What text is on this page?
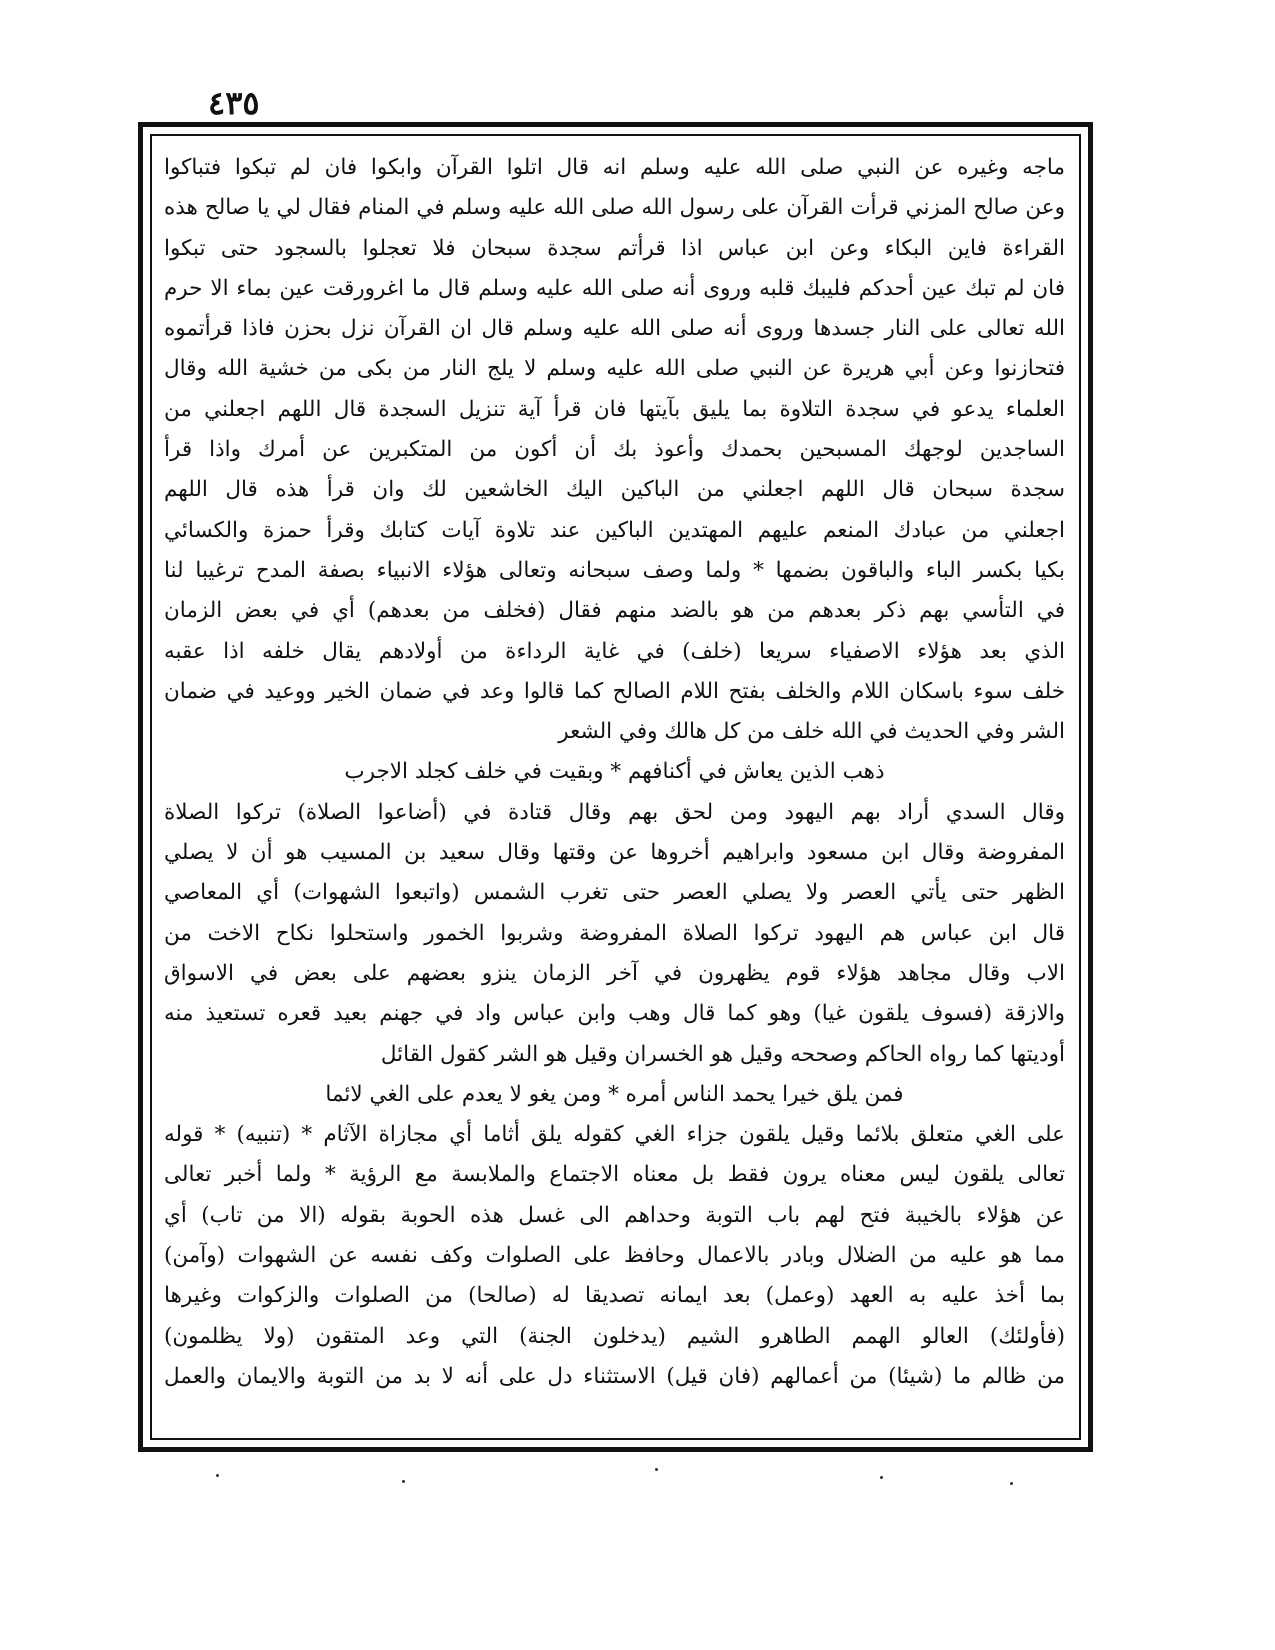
٤٣٥
ماجه وغيره عن النبي صلى الله عليه وسلم انه قال اتلوا القرآن وابكوا فان لم تبكوا فتباكوا
وعن صالح المزني قرأت القرآن على رسول الله صلى الله عليه وسلم في المنام فقال لي يا صالح هذه
القراءة فاين البكاء وعن ابن عباس اذا قرأتم سجدة سبحان فلا تعجلوا بالسجود حتى تبكوا
فان لم تبك عين أحدكم فليبك قلبه وروى أنه صلى الله عليه وسلم قال ما اغرورقت عين بماء الا حرم
الله تعالى على النار جسدها وروى أنه صلى الله عليه وسلم قال ان القرآن نزل بحزن فاذا قرأتموه
فتحازنوا وعن أبي هريرة عن النبي صلى الله عليه وسلم لا يلج النار من بكى من خشية الله وقال
العلماء يدعو في سجدة التلاوة بما يليق بآيتها فان قرأ آية تنزيل السجدة قال اللهم اجعلني من
الساجدين لوجهك المسبحين بحمدك وأعوذ بك أن أكون من المتكبرين عن أمرك واذا قرأ
سجدة سبحان قال اللهم اجعلني من الباكين اليك الخاشعين لك وان قرأ هذه قال اللهم
اجعلني من عبادك المنعم عليهم المهتدين الباكين عند تلاوة آيات كتابك وقرأ حمزة والكسائي
بكيا بكسر الباء والباقون بضمها * ولما وصف سبحانه وتعالى هؤلاء الانبياء بصفة المدح ترغيبا لنا
في التأسي بهم ذكر بعدهم من هو بالضد منهم فقال (فخلف من بعدهم) أي في بعض الزمان
الذي بعد هؤلاء الاصفياء سريعا (خلف) في غاية الرداءة من أولادهم يقال خلفه اذا عقبه
خلف سوء باسكان اللام والخلف بفتح اللام الصالح كما قالوا وعد في ضمان الخير ووعيد في ضمان
الشر وفي الحديث في الله خلف من كل هالك وفي الشعر
ذهب الذين يعاش في أكنافهم * وبقيت في خلف كجلد الاجرب
وقال السدي أراد بهم اليهود ومن لحق بهم وقال قتادة في (أضاعوا الصلاة) تركوا الصلاة
المفروضة وقال ابن مسعود وابراهيم أخروها عن وقتها وقال سعيد بن المسيب هو أن لا يصلي
الظهر حتى يأتي العصر ولا يصلي العصر حتى تغرب الشمس (واتبعوا الشهوات) أي المعاصي
قال ابن عباس هم اليهود تركوا الصلاة المفروضة وشربوا الخمور واستحلوا نكاح الاخت من
الاب وقال مجاهد هؤلاء قوم يظهرون في آخر الزمان ينزو بعضهم على بعض في الاسواق
والازقة (فسوف يلقون غيا) وهو كما قال وهب وابن عباس واد في جهنم بعيد قعره تستعيذ منه
أوديتها كما رواه الحاكم وصححه وقيل هو الخسران وقيل هو الشر كقول القائل
فمن يلق خيرا يحمد الناس أمره * ومن يغو لا يعدم على الغي لائما
على الغي متعلق بلائما وقيل يلقون جزاء الغي كقوله يلق أثاما أي مجازاة الآثام * (تنبيه) * قوله
تعالى يلقون ليس معناه يرون فقط بل معناه الاجتماع والملابسة مع الرؤية * ولما أخبر تعالى
عن هؤلاء بالخيبة فتح لهم باب التوبة وحداهم الى غسل هذه الحوبة بقوله (الا من تاب) أي
مما هو عليه من الضلال وبادر بالاعمال وحافظ على الصلوات وكف نفسه عن الشهوات (وآمن)
بما أخذ عليه به العهد (وعمل) بعد ايمانه تصديقا له (صالحا) من الصلوات والزكوات وغيرها
(فأولئك) العالو الهمم الطاهرو الشيم (يدخلون الجنة) التي وعد المتقون (ولا يظلمون)
من ظالم ما (شيئا) من أعمالهم (فان قيل) الاستثناء دل على أنه لا بد من التوبة والايمان والعمل
